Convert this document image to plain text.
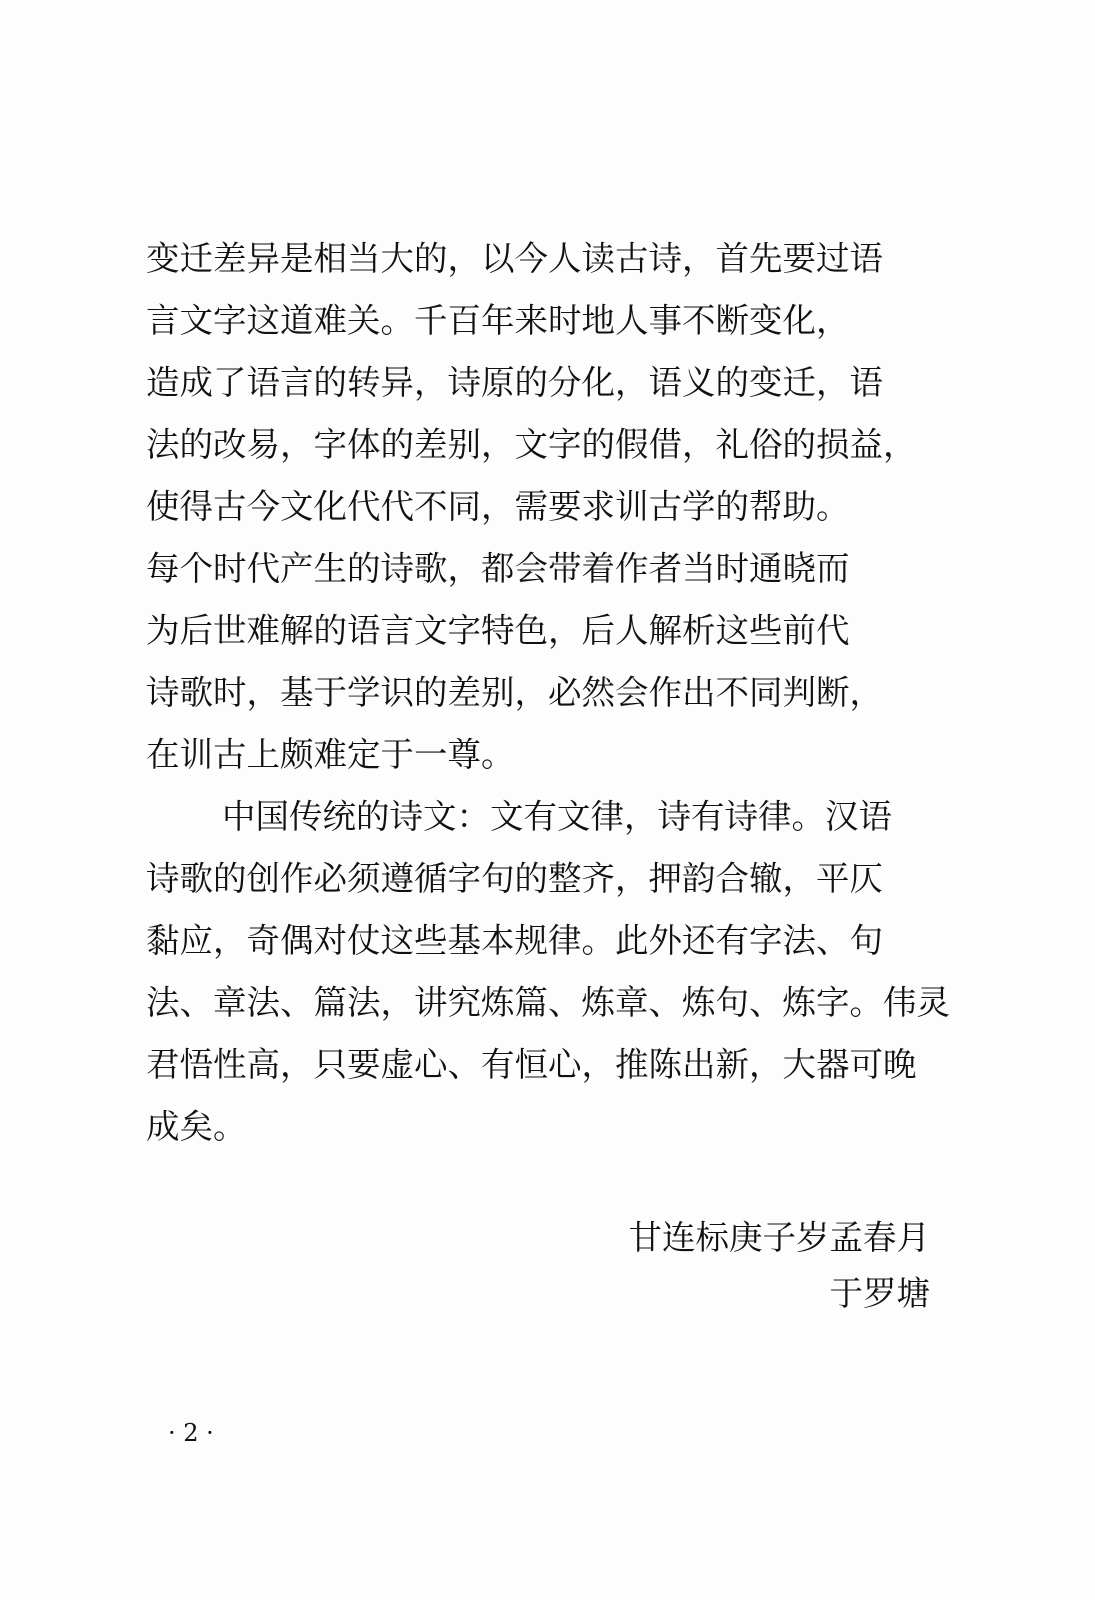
变迁差异是相当大的，以今人读古诗，首先要过语
言文字这道难关。千百年来时地人事不断变化，
造成了语言的转异，诗原的分化，语义的变迁，语
法的改易，字体的差别，文字的假借，礼俗的损益，
使得古今文化代代不同，需要求训古学的帮助。
每个时代产生的诗歌，都会带着作者当时通晓而
为后世难解的语言文字特色，后人解析这些前代
诗歌时，基于学识的差别，必然会作出不同判断，
在训古上颇难定于一尊。
中国传统的诗文：文有文律，诗有诗律。汉语
诗歌的创作必须遵循字句的整齐，押韵合辙，平仄
黏应，奇偶对仗这些基本规律。此外还有字法、句
法、章法、篇法，讲究炼篇、炼章、炼句、炼字。伟灵
君悟性高，只要虚心、有恒心，推陈出新，大器可晚
成矣。
甘连标庚子岁孟春月
于罗塘
· 2 ·
